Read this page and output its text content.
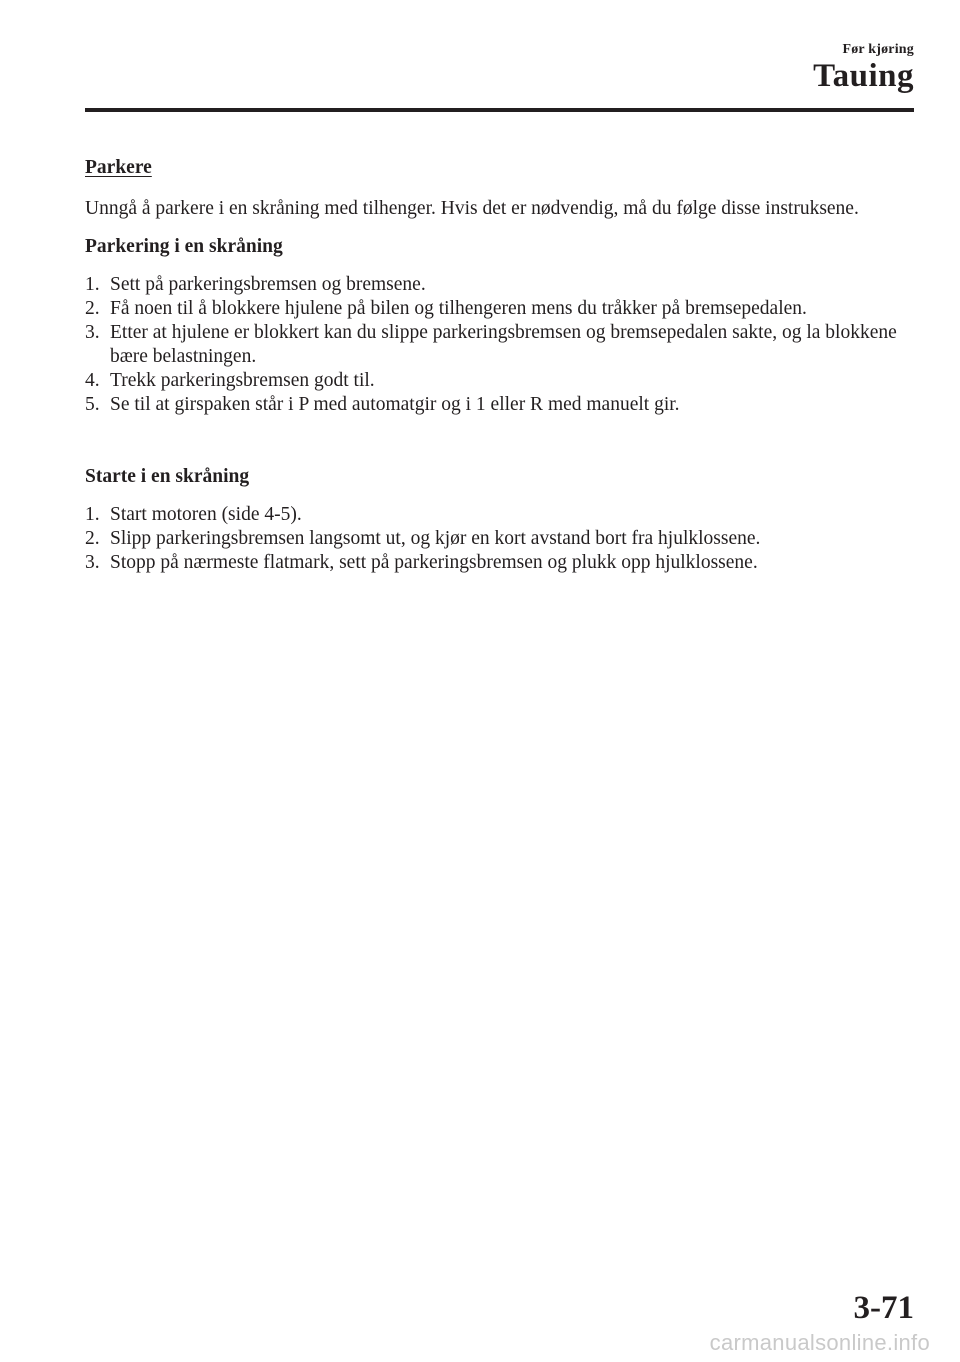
Før kjøring
Tauing
Parkere
Unngå å parkere i en skråning med tilhenger. Hvis det er nødvendig, må du følge disse instruksene.
Parkering i en skråning
1. Sett på parkeringsbremsen og bremsene.
2. Få noen til å blokkere hjulene på bilen og tilhengeren mens du tråkker på bremsepedalen.
3. Etter at hjulene er blokkert kan du slippe parkeringsbremsen og bremsepedalen sakte, og la blokkene bære belastningen.
4. Trekk parkeringsbremsen godt til.
5. Se til at girspaken står i P med automatgir og i 1 eller R med manuelt gir.
Starte i en skråning
1. Start motoren (side 4-5).
2. Slipp parkeringsbremsen langsomt ut, og kjør en kort avstand bort fra hjulklossene.
3. Stopp på nærmeste flatmark, sett på parkeringsbremsen og plukk opp hjulklossene.
3-71
carmanualsonline.info
